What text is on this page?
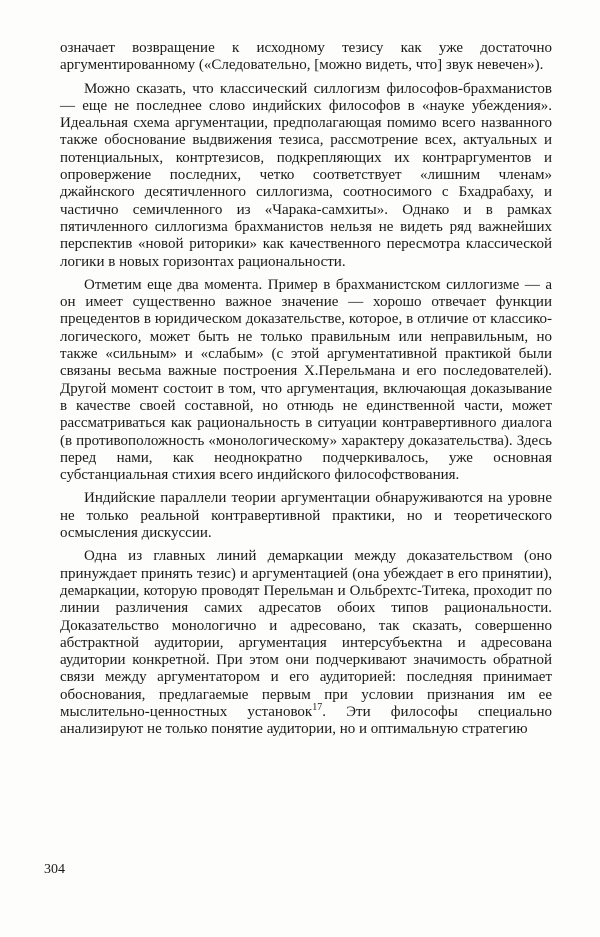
означает возвращение к исходному тезису как уже достаточно аргументированному («Следовательно, [можно видеть, что] звук невечен»).

Можно сказать, что классический силлогизм философов-брахманистов — еще не последнее слово индийских философов в «науке убеждения». Идеальная схема аргументации, предполагающая помимо всего названного также обоснование выдвижения тезиса, рассмотрение всех, актуальных и потенциальных, контртезисов, подкрепляющих их контраргументов и опровержение последних, четко соответствует «лишним членам» джайнского десятичленного силлогизма, соотносимого с Бхадрабаху, и частично семичленного из «Чарака-самхиты». Однако и в рамках пятичленного силлогизма брахманистов нельзя не видеть ряд важнейших перспектив «новой риторики» как качественного пересмотра классической логики в новых горизонтах рациональности.

Отметим еще два момента. Пример в брахманистском силлогизме — а он имеет существенно важное значение — хорошо отвечает функции прецедентов в юридическом доказательстве, которое, в отличие от классико-логического, может быть не только правильным или неправильным, но также «сильным» и «слабым» (с этой аргументативной практикой были связаны весьма важные построения Х.Перельмана и его последователей). Другой момент состоит в том, что аргументация, включающая доказывание в качестве своей составной, но отнюдь не единственной части, может рассматриваться как рациональность в ситуации контравертивного диалога (в противоположность «монологическому» характеру доказательства). Здесь перед нами, как неоднократно подчеркивалось, уже основная субстанциальная стихия всего индийского философствования.

Индийские параллели теории аргументации обнаруживаются на уровне не только реальной контравертивной практики, но и теоретического осмысления дискуссии.

Одна из главных линий демаркации между доказательством (оно принуждает принять тезис) и аргументацией (она убеждает в его принятии), демаркации, которую проводят Перельман и Ольбрехтс-Титека, проходит по линии различения самих адресатов обоих типов рациональности. Доказательство монологично и адресовано, так сказать, совершенно абстрактной аудитории, аргументация интерсубъектна и адресована аудитории конкретной. При этом они подчеркивают значимость обратной связи между аргументатором и его аудиторией: последняя принимает обоснования, предлагаемые первым при условии признания им ее мыслительно-ценностных установок$^{17}$. Эти философы специально анализируют не только понятие аудитории, но и оптимальную стратегию

304
